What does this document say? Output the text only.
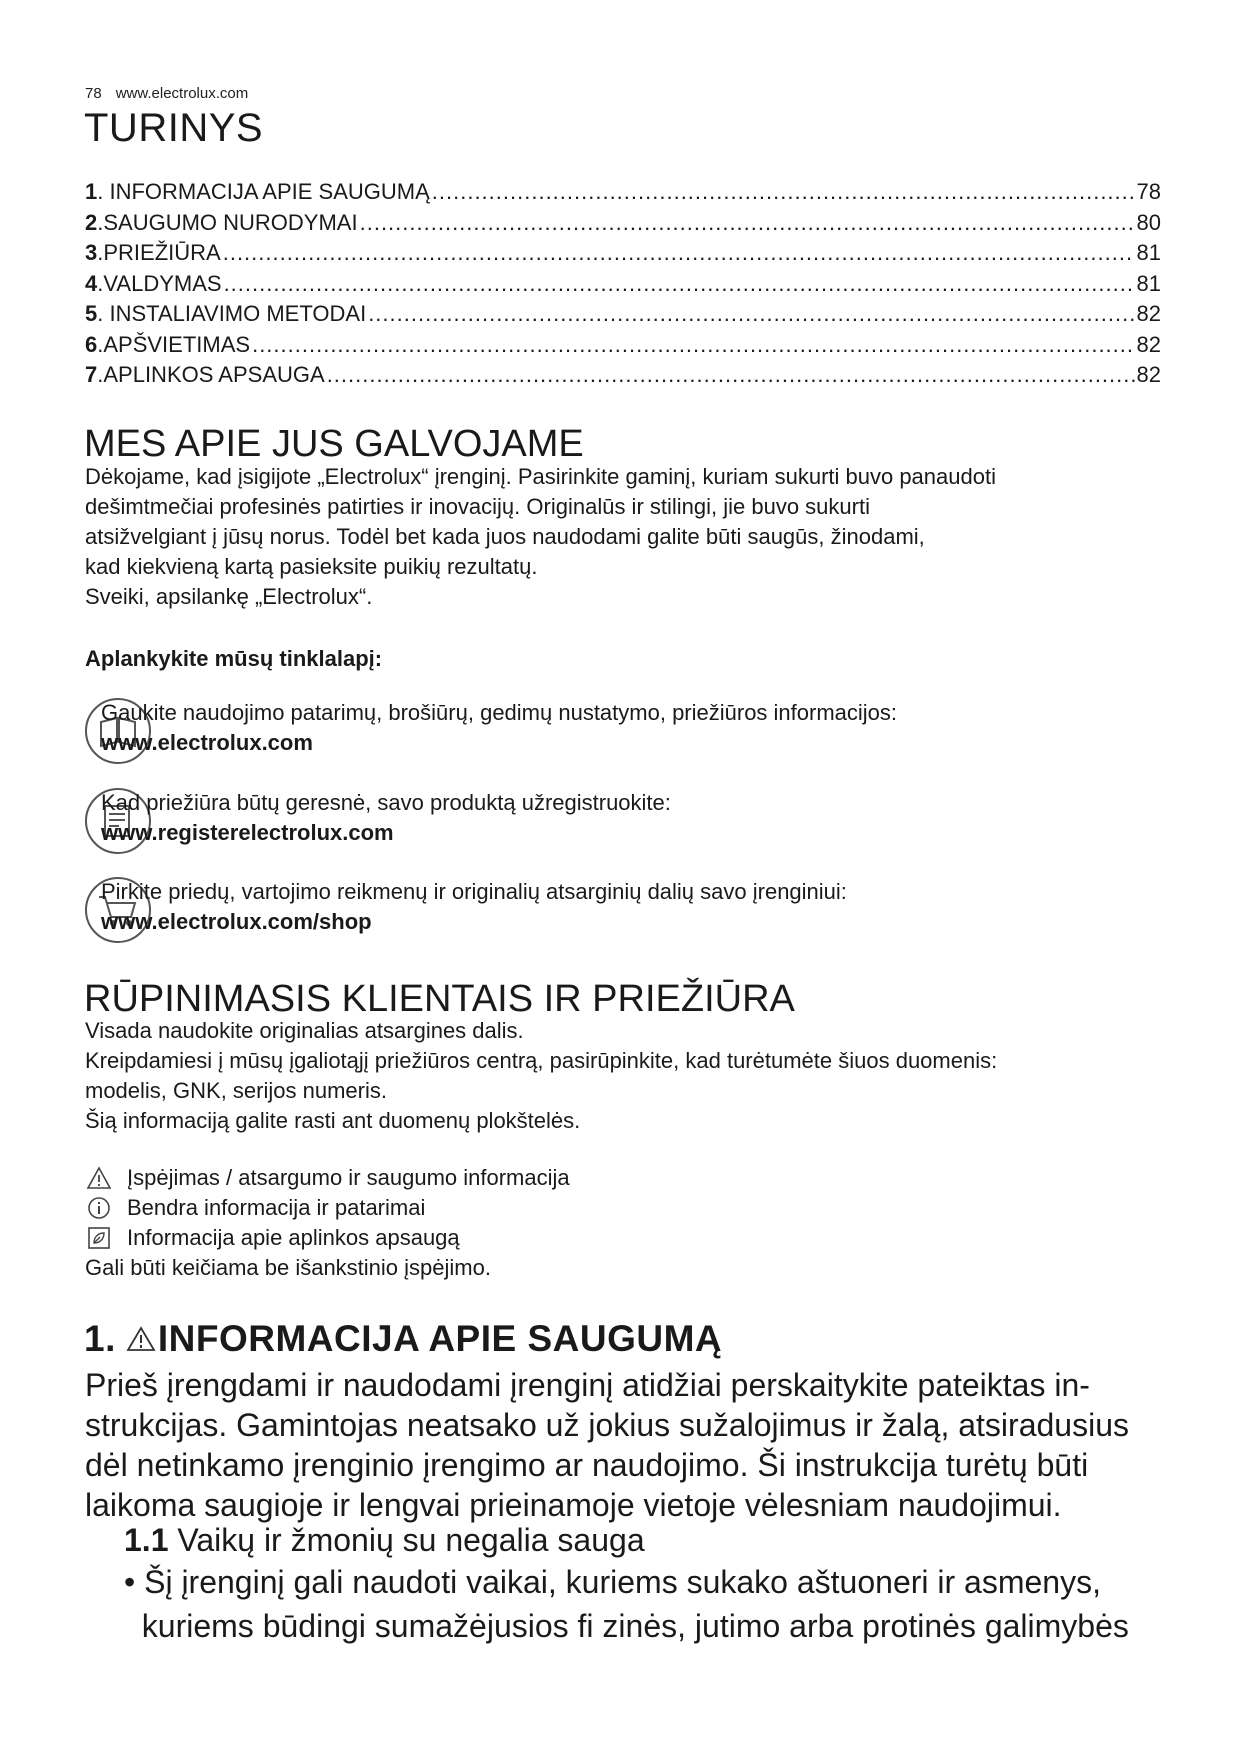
78 www.electrolux.com
TURINYS
1. INFORMACIJA APIE SAUGUMĄ .....	78
2.SAUGUMO NURODYMAI .....	80
3.PRIEŽIŪRA .....	81
4.VALDYMAS .....	81
5. INSTALIAVIMO METODAI .....	82
6.APŠVIETIMAS .....	82
7.APLINKOS APSAUGA .....	82
MES APIE JUS GALVOJAME
Dėkojame, kad įsigijote „Electrolux“ įrenginį. Pasirinkite gaminį, kuriam sukurti buvo panaudoti
dešimtmečiai profesinės patirties ir inovacijų. Originalūs ir stilingi, jie buvo sukurti
atsižvelgiant į jūsų norus. Todėl bet kada juos naudodami galite būti saugūs, žinodami,
kad kiekvieną kartą pasieksite puikių rezultatų.
Sveiki, apsilankę „Electrolux“.
Aplankykite mūsų tinklalapį:
Gaukite naudojimo patarimų, brošiūrų, gedimų nustatymo, priežiūros informacijos:
www.electrolux.com
Kad priežiūra būtų geresnė, savo produktą užregistruokite:
www.registerelectrolux.com
Pirkite priedų, vartojimo reikmenų ir originalių atsarginių dalių savo įrenginiui:
www.electrolux.com/shop
RŪPINIMASIS KLIENTAIS IR PRIEŽIŪRA
Visada naudokite originalias atsargines dalis.
Kreipdamiesi į mūsų įgaliotąjį priežiūros centrą, pasirūpinkite, kad turėtumėte šiuos duomenis:
modelis, GNK, serijos numeris.
Šią informaciją galite rasti ant duomenų plokštelės.
Įspėjimas / atsargumo ir saugumo informacija
Bendra informacija ir patarimai
Informacija apie aplinkos apsaugą
Gali būti keičiama be išankstinio įspėjimo.
1. INFORMACIJA APIE SAUGUMĄ
Prieš įrengdami ir naudodami įrenginį atidžiai perskaitykite pateiktas in-
strukcijas. Gamintojas neatsako už jokius sužalojimus ir žalą, atsiradusius
dėl netinkamo įrenginio įrengimo ar naudojimo. Ši instrukcija turėtų būti
laikoma saugioje ir lengvai prieinamoje vietoje vėlesniam naudojimui.
1.1 Vaikų ir žmonių su negalia sauga
• Šį įrenginį gali naudoti vaikai, kuriems sukako aštuoneri ir asmenys,
kuriems būdingi sumažėjusios fi zinės, jutimo arba protinės galimybės
